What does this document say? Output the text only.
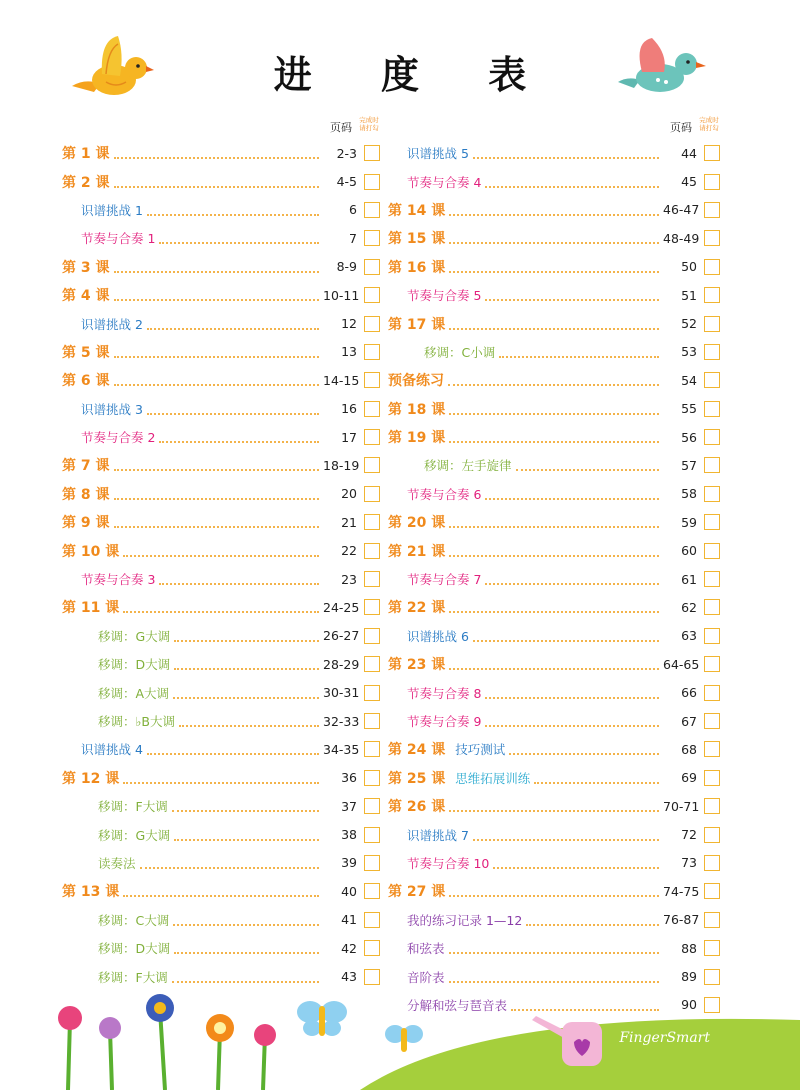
进 度 表
页码
完成时请打勾
第 1 课	2-3
第 2 课	4-5
识谱挑战 1	6
节奏与合奏 1	7
第 3 课	8-9
第 4 课	10-11
识谱挑战 2	12
第 5 课	13
第 6 课	14-15
识谱挑战 3	16
节奏与合奏 2	17
第 7 课	18-19
第 8 课	20
第 9 课	21
第 10 课	22
节奏与合奏 3	23
第 11 课	24-25
移调：G大调	26-27
移调：D大调	28-29
移调：A大调	30-31
移调：♭B大调	32-33
识谱挑战 4	34-35
第 12 课	36
移调：F大调	37
移调：G大调	38
读奏法	39
第 13 课	40
移调：C大调	41
移调：D大调	42
移调：F大调	43
页码
完成时请打勾
识谱挑战 5	44
节奏与合奏 4	45
第 14 课	46-47
第 15 课	48-49
第 16 课	50
节奏与合奏 5	51
第 17 课	52
移调：C小调	53
预备练习	54
第 18 课	55
第 19 课	56
移调：左手旋律	57
节奏与合奏 6	58
第 20 课	59
第 21 课	60
节奏与合奏 7	61
第 22 课	62
识谱挑战 6	63
第 23 课	64-65
节奏与合奏 8	66
节奏与合奏 9	67
第 24 课 技巧测试	68
第 25 课 思维拓展训练	69
第 26 课	70-71
识谱挑战 7	72
节奏与合奏 10	73
第 27 课	74-75
我的练习记录 1—12	76-87
和弦表	88
音阶表	89
分解和弦与琶音表	90
FingerSmart
